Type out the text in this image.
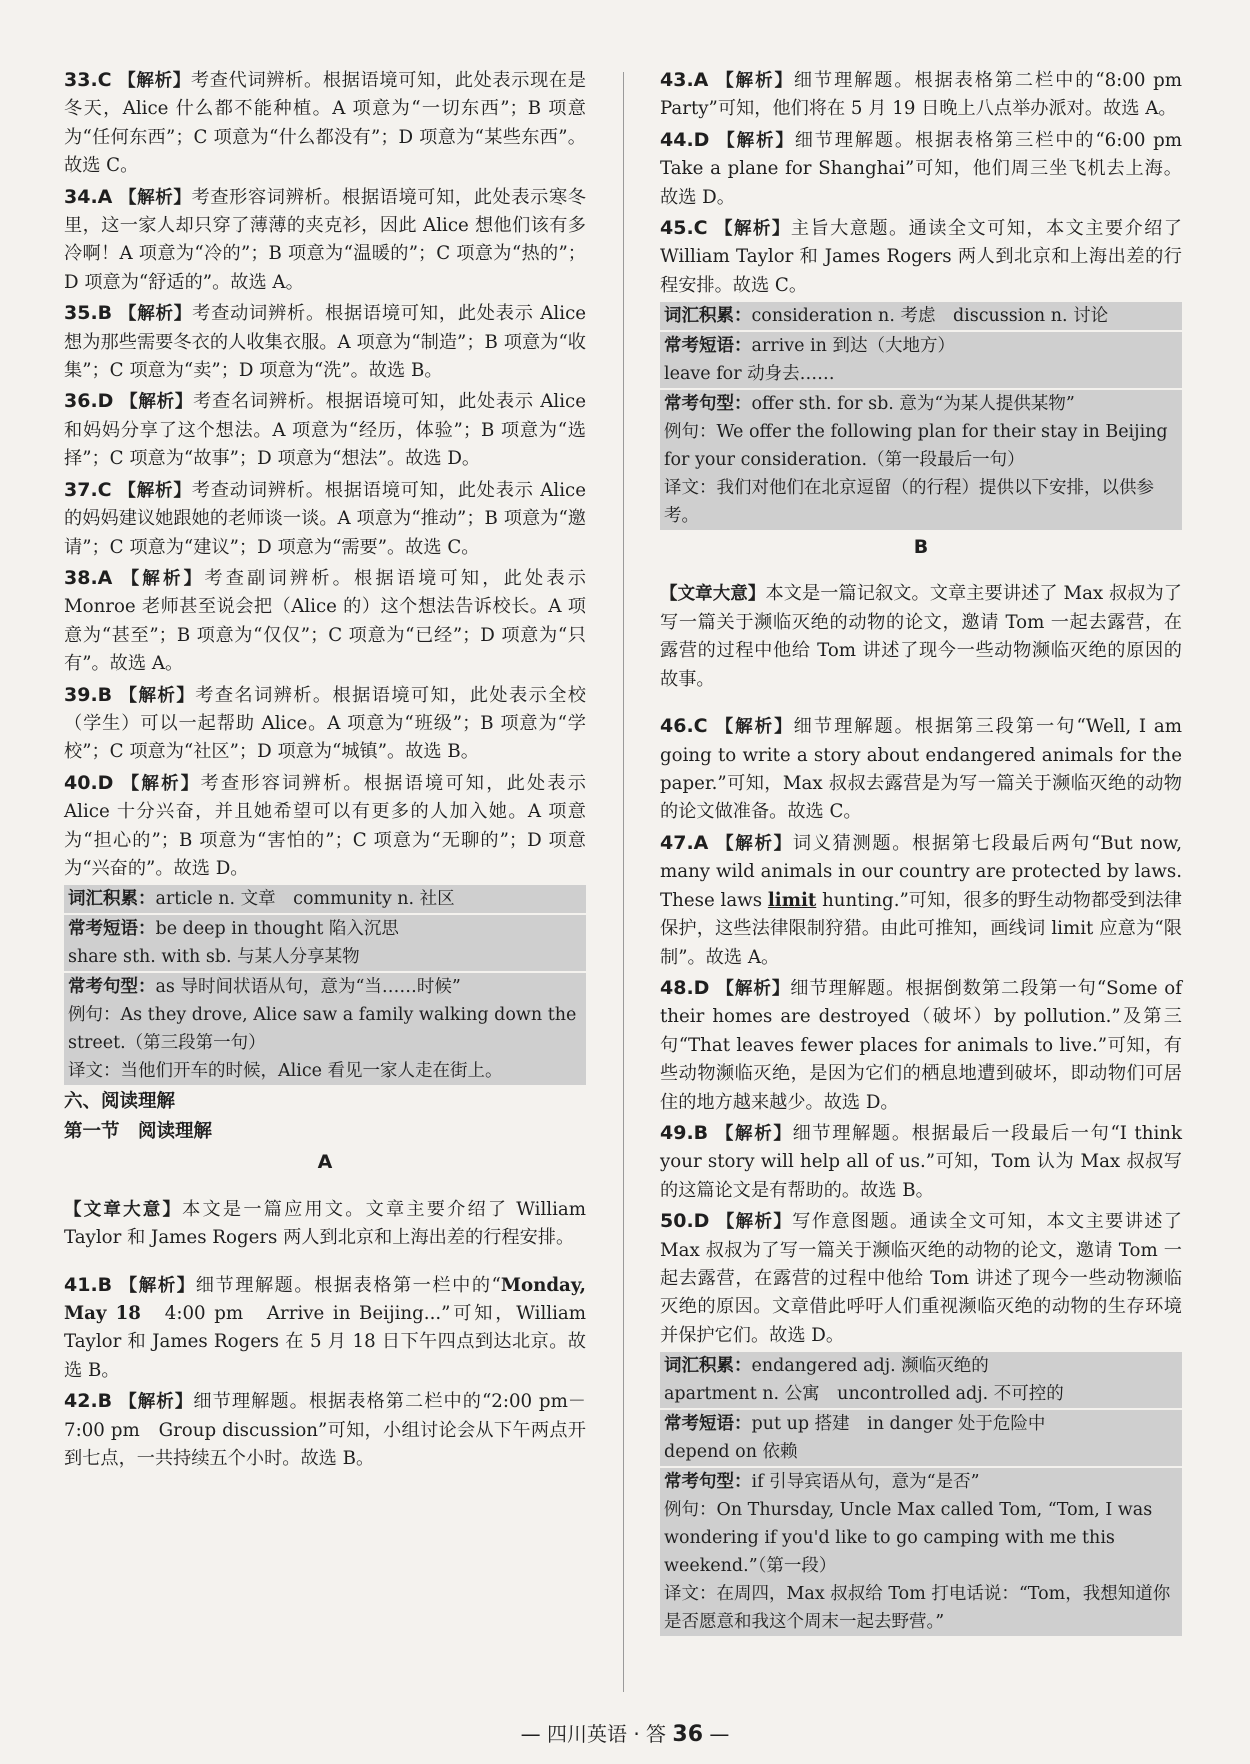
33.C 【解析】考查代词辨析。根据语境可知，此处表示现在是冬天，Alice 什么都不能种植。A 项意为“一切东西”；B 项意为“任何东西”；C 项意为“什么都没有”；D 项意为“某些东西”。故选 C。

34.A 【解析】考查形容词辨析。根据语境可知，此处表示寒冬里，这一家人却只穿了薄薄的夹克衫，因此 Alice 想他们该有多冷啊！A 项意为“冷的”；B 项意为“温暖的”；C 项意为“热的”；D 项意为“舒适的”。故选 A。

35.B 【解析】考查动词辨析。根据语境可知，此处表示 Alice 想为那些需要冬衣的人收集衣服。A 项意为“制造”；B 项意为“收集”；C 项意为“卖”；D 项意为“洗”。故选 B。

36.D 【解析】考查名词辨析。根据语境可知，此处表示 Alice 和妈妈分享了这个想法。A 项意为“经历，体验”；B 项意为“选择”；C 项意为“故事”；D 项意为“想法”。故选 D。

37.C 【解析】考查动词辨析。根据语境可知，此处表示 Alice 的妈妈建议她跟她的老师谈一谈。A 项意为“推动”；B 项意为“邀请”；C 项意为“建议”；D 项意为“需要”。故选 C。

38.A 【解析】考查副词辨析。根据语境可知，此处表示 Monroe 老师甚至说会把（Alice 的）这个想法告诉校长。A 项意为“甚至”；B 项意为“仅仅”；C 项意为“已经”；D 项意为“只有”。故选 A。

39.B 【解析】考查名词辨析。根据语境可知，此处表示全校（学生）可以一起帮助 Alice。A 项意为“班级”；B 项意为“学校”；C 项意为“社区”；D 项意为“城镇”。故选 B。

40.D 【解析】考查形容词辨析。根据语境可知，此处表示 Alice 十分兴奋，并且她希望可以有更多的人加入她。A 项意为“担心的”；B 项意为“害怕的”；C 项意为“无聊的”；D 项意为“兴奋的”。故选 D。

词汇积累：article n. 文章　community n. 社区
常考短语：be deep in thought 陷入沉思
share sth. with sb. 与某人分享某物
常考句型：as 导时间状语从句，意为“当……时候”
例句：As they drove, Alice saw a family walking down the street.（第三段第一句）
译文：当他们开车的时候，Alice 看见一家人走在街上。
六、阅读理解
第一节　阅读理解
A

【文章大意】本文是一篇应用文。文章主要介绍了 William Taylor 和 James Rogers 两人到北京和上海出差的行程安排。

41.B 【解析】细节理解题。根据表格第一栏中的“Monday, May 18　4:00 pm　Arrive in Beijing...”可知，William Taylor 和 James Rogers 在 5 月 18 日下午四点到达北京。故选 B。

42.B 【解析】细节理解题。根据表格第二栏中的“2:00 pm－7:00 pm　Group discussion”可知，小组讨论会从下午两点开到七点，一共持续五个小时。故选 B。

43.A 【解析】细节理解题。根据表格第二栏中的“8:00 pm　Party”可知，他们将在 5 月 19 日晚上八点举办派对。故选 A。

44.D 【解析】细节理解题。根据表格第三栏中的“6:00 pm　Take a plane for Shanghai”可知，他们周三坐飞机去上海。故选 D。

45.C 【解析】主旨大意题。通读全文可知，本文主要介绍了 William Taylor 和 James Rogers 两人到北京和上海出差的行程安排。故选 C。

词汇积累：consideration n. 考虑　discussion n. 讨论
常考短语：arrive in 到达（大地方）
leave for 动身去……
常考句型：offer sth. for sb. 意为“为某人提供某物”
例句：We offer the following plan for their stay in Beijing for your consideration.（第一段最后一句）
译文：我们对他们在北京逗留（的行程）提供以下安排，以供参考。
B

【文章大意】本文是一篇记叙文。文章主要讲述了 Max 叔叔为了写一篇关于濒临灭绝的动物的论文，邀请 Tom 一起去露营，在露营的过程中他给 Tom 讲述了现今一些动物濒临灭绝的原因的故事。

46.C 【解析】细节理解题。根据第三段第一句“Well, I am going to write a story about endangered animals for the paper.”可知，Max 叔叔去露营是为写一篇关于濒临灭绝的动物的论文做准备。故选 C。

47.A 【解析】词义猜测题。根据第七段最后两句“But now, many wild animals in our country are protected by laws. These laws limit hunting.”可知，很多的野生动物都受到法律保护，这些法律限制狩猎。由此可推知，画线词 limit 应意为“限制”。故选 A。

48.D 【解析】细节理解题。根据倒数第二段第一句“Some of their homes are destroyed（破坏）by pollution.”及第三句“That leaves fewer places for animals to live.”可知，有些动物濒临灭绝，是因为它们的栖息地遭到破坏，即动物们可居住的地方越来越少。故选 D。

49.B 【解析】细节理解题。根据最后一段最后一句“I think your story will help all of us.”可知，Tom 认为 Max 叔叔写的这篇论文是有帮助的。故选 B。

50.D 【解析】写作意图题。通读全文可知，本文主要讲述了 Max 叔叔为了写一篇关于濒临灭绝的动物的论文，邀请 Tom 一起去露营，在露营的过程中他给 Tom 讲述了现今一些动物濒临灭绝的原因。文章借此呼吁人们重视濒临灭绝的动物的生存环境并保护它们。故选 D。

词汇积累：endangered adj. 濒临灭绝的
apartment n. 公寓　uncontrolled adj. 不可控的
常考短语：put up 搭建　in danger 处于危险中
depend on 依赖
常考句型：if 引导宾语从句，意为“是否”
例句：On Thursday, Uncle Max called Tom, “Tom, I was wondering if you'd like to go camping with me this weekend.”（第一段）
译文：在周四，Max 叔叔给 Tom 打电话说：“Tom，我想知道你是否愿意和我这个周末一起去野营。”
— 四川英语 · 答 36 —
